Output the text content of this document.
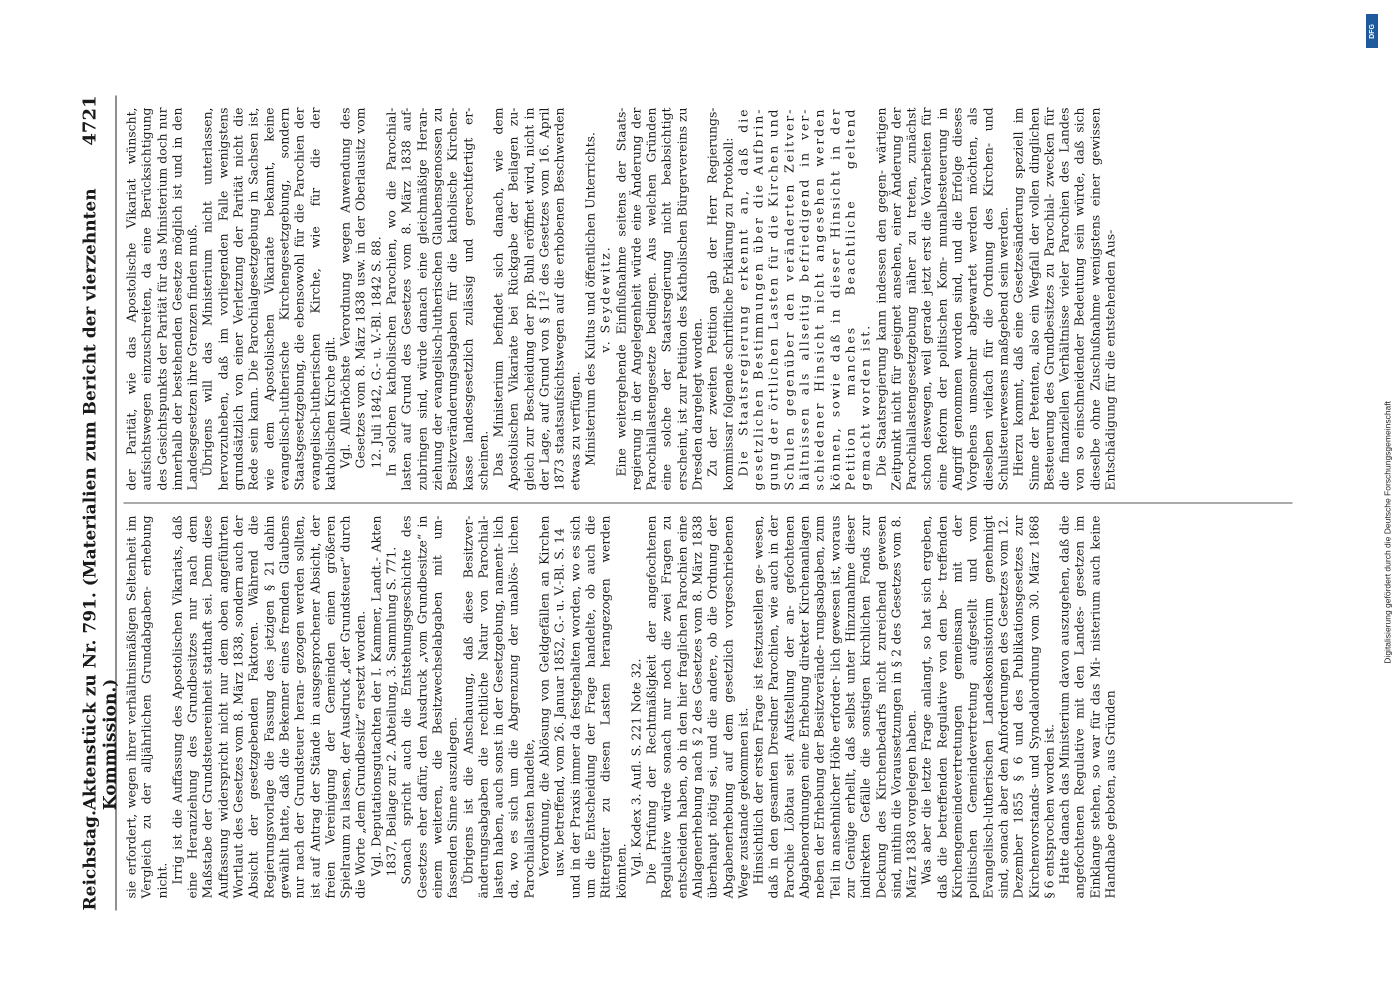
Reichstag.
Aktenstück zu Nr. 791. (Materialien zum Bericht der vierzehnten Kommission.)
4721

sie erfordert, wegen ihrer verhältnismäßigen Seltenheit im Vergleich zu der alljährlichen Grundabgaben- erhebung nicht. Irrig ist die Auffassung des Apostolischen Vikariats, daß eine Heranziehung des Grundbesitzes nur nach dem Maßstabe der Grundsteuereinheit statthaft sei. Denn diese Auffassung widerspricht nicht nur dem oben angeführten Wortlaut des Gesetzes vom 8. März 1838, sondern auch der Absicht der gesetzgebenden Faktoren. Während die Regierungsvorlage die Fassung des jetzigen § 21 dahin gewählt hatte, daß die Bekenner eines fremden Glaubens nur nach der Grundsteuer heran- gezogen werden sollten, ist auf Antrag der Stände in ausgesprochener Absicht, der freien Vereinigung der Gemeinden einen größeren Spielraum zu lassen, der Ausdruck „der Grundsteuer“ durch die Worte „dem Grundbesitz“ ersetzt worden. Vgl. Deputationsgutachten der I. Kammer, Landt.- Akten 1837, Beilage zur 2. Abteilung, 3. Sammlung S. 771. Sonach spricht auch die Entstehungsgeschichte des Gesetzes eher dafür, den Ausdruck „vom Grundbesitze“ in einem weiteren, die Besitzwechselabgaben mit um- fassenden Sinne auszulegen. Übrigens ist die Anschauung, daß diese Besitzver- änderungsabgaben die rechtliche Natur von Parochial- lasten haben, auch sonst in der Gesetzgebung, nament- lich da, wo es sich um die Abgrenzung der unablös- lichen Parochiallasten handelte, Verordnung, die Ablösung von Geldgefällen an Kirchen usw. betreffend, vom 26. Januar 1852, G.- u. V.-Bl. S. 14 und in der Praxis immer da festgehalten worden, wo es sich um die Entscheidung der Frage handelte, ob auch die Rittergüter zu diesen Lasten herangezogen werden könnten. Vgl. Kodex 3. Aufl. S. 221 Note 32. Die Prüfung der Rechtmäßigkeit der angefochtenen Regulative würde sonach nur noch die zwei Fragen zu entscheiden haben, ob in den hier fraglichen Parochien eine Anlagenerhebung nach § 2 des Gesetzes vom 8. März 1838 überhaupt nötig sei, und die andere, ob die Ordnung der Abgabenerhebung auf dem gesetzlich vorgeschriebenen Wege zustande gekommen ist. Hinsichtlich der ersten Frage ist festzustellen ge- wesen, daß in den gesamten Dresdner Parochien, wie auch in der Parochie Löbtau seit Aufstellung der an- gefochtenen Abgabenordnungen eine Erhebung direkter Kirchenanlagen neben der Erhebung der Besitzverände- rungsabgaben, zum Teil in ansehnlicher Höhe erforder- lich gewesen ist, woraus zur Genüge erhellt, daß selbst unter Hinzunahme dieser indirekten Gefälle die sonstigen kirchlichen Fonds zur Deckung des Kirchenbedarfs nicht zureichend gewesen sind, mithin die Voraussetzungen in § 2 des Gesetzes vom 8. März 1838 vorgelegen haben. Was aber die letzte Frage anlangt, so hat sich ergeben, daß die betreffenden Regulative von den be- treffenden Kirchengemeindevertretungen gemeinsam mit der politischen Gemeindevertretung aufgestellt und vom Evangelisch-lutherischen Landeskonsistorium genehmigt sind, sonach aber den Anforderungen des Gesetzes vom 12. Dezember 1855 § 6 und des Publikationsgesetzes zur Kirchenvorstands- und Synodalordnung vom 30. März 1868 § 6 entsprochen worden ist. Hatte danach das Ministerium davon auszugehen, daß die angefochtenen Regulative mit den Landes- gesetzen im Einklange stehen, so war für das Mi- nisterium auch keine Handhabe geboten, aus Gründen

der Parität, wie das Apostolische Vikariat wünscht, aufsichtswegen einzuschreiten, da eine Berücksichtigung des Gesichtspunkts der Parität für das Ministerium doch nur innerhalb der bestehenden Gesetze möglich ist und in den Landesgesetzen ihre Grenzen finden muß. Übrigens will das Ministerium nicht unterlassen, hervorzuheben, daß im vorliegenden Falle wenigstens grundsätzlich von einer Verletzung der Parität nicht die Rede sein kann. Die Parochialgesetzgebung in Sachsen ist, wie dem Apostolischen Vikariate bekannt, keine evangelisch-lutherische Kirchengesetzgebung, sondern Staatsgesetzgebung, die ebensowohl für die Parochien der evangelisch-lutherischen Kirche, wie für die der katholischen Kirche gilt. Vgl. Allerhöchste Verordnung wegen Anwendung des Gesetzes vom 8. März 1838 usw. in der Oberlausitz vom 12. Juli 1842, G.- u. V.-Bl. 1842 S. 88. In solchen katholischen Parochien, wo die Parochial- lasten auf Grund des Gesetzes vom 8. März 1838 auf- zubringen sind, würde danach eine gleichmäßige Heran- ziehung der evangelisch-lutherischen Glaubensgenossen zu Besitzveränderungsabgaben für die katholische Kirchen- kasse landesgesetzlich zulässig und gerechtfertigt er- scheinen. Das Ministerium befindet sich danach, wie dem Apostolischen Vikariate bei Rückgabe der Beilagen zu- gleich zur Bescheidung der pp. Buhl eröffnet wird, nicht in der Lage, auf Grund von § 11² des Gesetzes vom 16. April 1873 staatsaufsichtswegen auf die erhobenen Beschwerden etwas zu verfügen. Ministerium des Kultus und öffentlichen Unterrichts. v. Seydewitz. Eine weitergehende Einflußnahme seitens der Staats- regierung in der Angelegenheit würde eine Änderung der Parochiallastengesetze bedingen. Aus welchen Gründen eine solche der Staatsregierung nicht beabsichtigt erscheint, ist zur Petition des Katholischen Bürgervereins zu Dresden dargelegt worden. Zu der zweiten Petition gab der Herr Regierungs- kommissar folgende schriftliche Erklärung zu Protokoll: Die Staatsregierung erkennt an, daß die gesetzlichen Bestimmungen über die Aufbrin- gung der örtlichen Lasten für die Kirchen und Schulen gegenüber den veränderten Zeitver- hältnissen als allseitig befriedigend in ver- schiedener Hinsicht nicht angesehen werden können, sowie daß in dieser Hinsicht in der Petition manches Beachtliche geltend gemacht worden ist. Die Staatsregierung kann indessen den gegen- wärtigen Zeitpunkt nicht für geeignet ansehen, einer Änderung der Parochiallastengesetzgebung näher zu treten, zunächst schon deswegen, weil gerade jetzt erst die Vorarbeiten für eine Reform der politischen Kom- munalbesteuerung in Angriff genommen worden sind, und die Erfolge dieses Vorgehens umsomehr abgewartet werden möchten, als dieselben vielfach für die Ordnung des Kirchen- und Schulsteuerwesens maßgebend sein werden. Hierzu kommt, daß eine Gesetzesänderung speziell im Sinne der Petenten, also ein Wegfall der vollen dinglichen Besteuerung des Grundbesitzes zu Parochial- zwecken für die finanziellen Verhältnisse vieler Parochien des Landes von so einschneidender Bedeutung sein würde, daß sich dieselbe ohne Zuschußnahme wenigstens einer gewissen Entschädigung für die entstehenden Aus-

DFG
Digitalisierung gefördert durch die Deutsche Forschungsgemeinschaft
